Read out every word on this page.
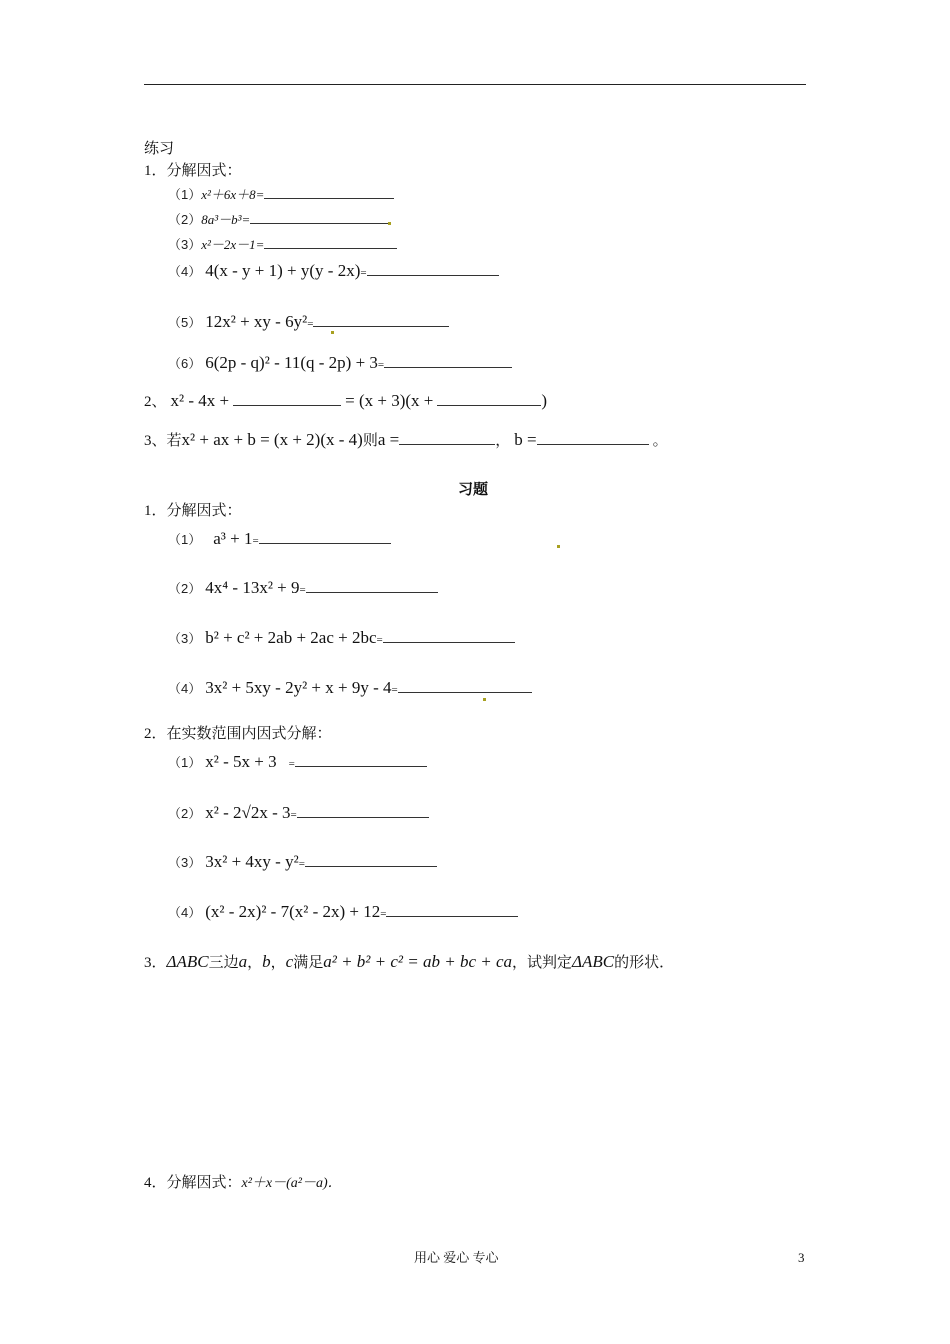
练习
1．分解因式：
（1）x²＋6x＋8=
（2）8a³－b³=
（3）x²－2x－1=
（4） 4(x - y + 1) + y(y - 2x)=
（5） 12x² + xy - 6y²=
（6） 6(2p - q)² - 11(q - 2p) + 3=
2、 x² - 4x +	= (x + 3)(x +	)
3、若x² + ax + b = (x + 2)(x - 4)则a =	， b =	。
习题
1．分解因式：
（1） a³ + 1=
（2） 4x⁴ - 13x² + 9=
（3） b² + c² + 2ab + 2ac + 2bc=
（4） 3x² + 5xy - 2y² + x + 9y - 4=
2．在实数范围内因式分解：
（1） x² - 5x + 3 =
（2） x² - 2√2x - 3=
（3） 3x² + 4xy - y²=
（4） (x² - 2x)² - 7(x² - 2x) + 12=
3．ΔABC三边a，b，c满足a² + b² + c² = ab + bc + ca，试判定ΔABC的形状．
4．分解因式：x²＋x－(a²－a)．
用心 爱心 专心	3
